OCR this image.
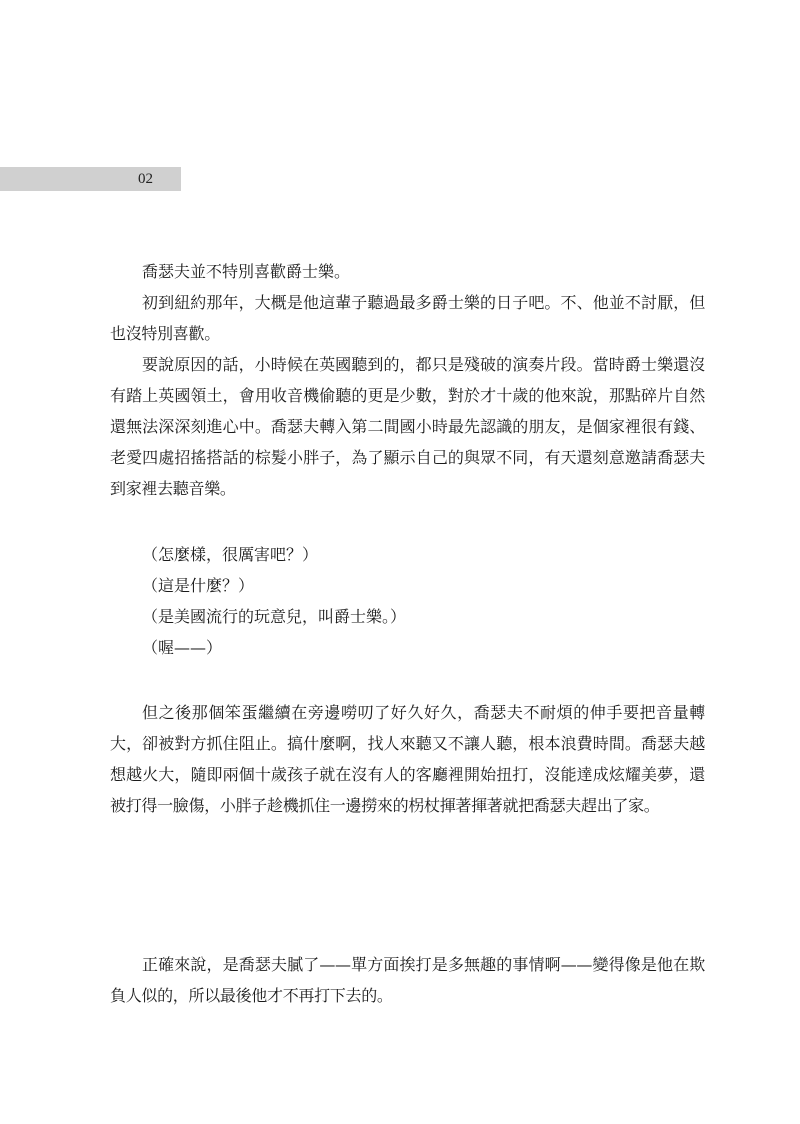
02

喬瑟夫並不特別喜歡爵士樂。

初到紐約那年，大概是他這輩子聽過最多爵士樂的日子吧。不、他並不討厭，但也沒特別喜歡。

要說原因的話，小時候在英國聽到的，都只是殘破的演奏片段。當時爵士樂還沒有踏上英國領土，會用收音機偷聽的更是少數，對於才十歲的他來說，那點碎片自然還無法深深刻進心中。喬瑟夫轉入第二間國小時最先認識的朋友，是個家裡很有錢、老愛四處招搖搭話的棕髮小胖子，為了顯示自己的與眾不同，有天還刻意邀請喬瑟夫到家裡去聽音樂。

（怎麼樣，很厲害吧？）

（這是什麼？）

（是美國流行的玩意兒，叫爵士樂。）

（喔——）

但之後那個笨蛋繼續在旁邊嘮叨了好久好久，喬瑟夫不耐煩的伸手要把音量轉大，卻被對方抓住阻止。搞什麼啊，找人來聽又不讓人聽，根本浪費時間。喬瑟夫越想越火大，隨即兩個十歲孩子就在沒有人的客廳裡開始扭打，沒能達成炫耀美夢，還被打得一臉傷，小胖子趁機抓住一邊撈來的柺杖揮著揮著就把喬瑟夫趕出了家。

正確來說，是喬瑟夫膩了——單方面挨打是多無趣的事情啊——變得像是他在欺負人似的，所以最後他才不再打下去的。
